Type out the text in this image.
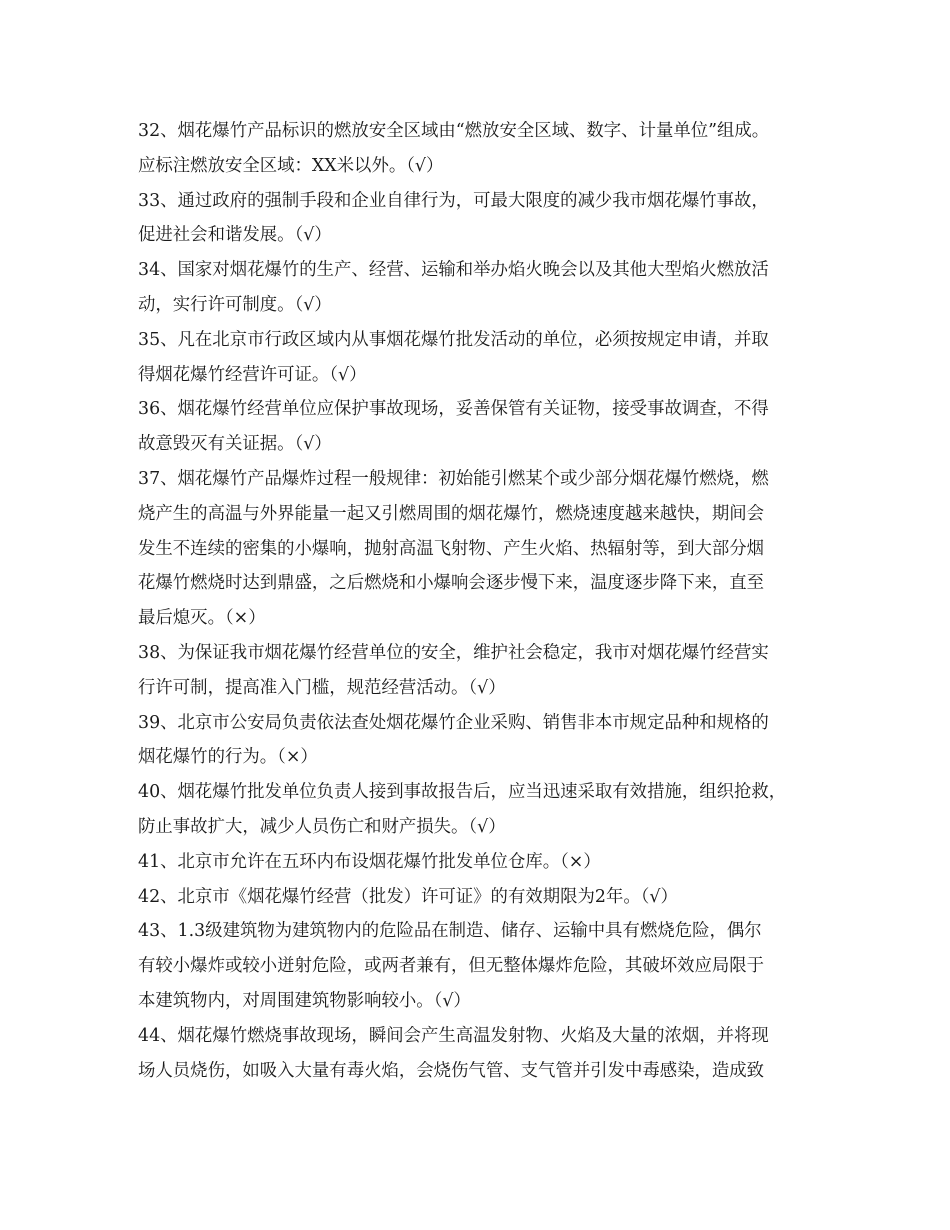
32、烟花爆竹产品标识的燃放安全区域由“燃放安全区域、数字、计量单位”组成。
应标注燃放安全区域：XX米以外。（√）
33、通过政府的强制手段和企业自律行为，可最大限度的减少我市烟花爆竹事故，
促进社会和谐发展。（√）
34、国家对烟花爆竹的生产、经营、运输和举办焰火晚会以及其他大型焰火燃放活
动，实行许可制度。（√）
35、凡在北京市行政区域内从事烟花爆竹批发活动的单位，必须按规定申请，并取
得烟花爆竹经营许可证。（√）
36、烟花爆竹经营单位应保护事故现场，妥善保管有关证物，接受事故调查，不得
故意毁灭有关证据。（√）
37、烟花爆竹产品爆炸过程一般规律：初始能引燃某个或少部分烟花爆竹燃烧，燃
烧产生的高温与外界能量一起又引燃周围的烟花爆竹，燃烧速度越来越快，期间会
发生不连续的密集的小爆响，抛射高温飞射物、产生火焰、热辐射等，到大部分烟
花爆竹燃烧时达到鼎盛，之后燃烧和小爆响会逐步慢下来，温度逐步降下来，直至
最后熄灭。（×）
38、为保证我市烟花爆竹经营单位的安全，维护社会稳定，我市对烟花爆竹经营实
行许可制，提高准入门槛，规范经营活动。（√）
39、北京市公安局负责依法查处烟花爆竹企业采购、销售非本市规定品种和规格的
烟花爆竹的行为。（×）
40、烟花爆竹批发单位负责人接到事故报告后，应当迅速采取有效措施，组织抢救，
防止事故扩大，减少人员伤亡和财产损失。（√）
41、北京市允许在五环内布设烟花爆竹批发单位仓库。（×）
42、北京市《烟花爆竹经营（批发）许可证》的有效期限为2年。（√）
43、1.3级建筑物为建筑物内的危险品在制造、储存、运输中具有燃烧危险，偶尔
有较小爆炸或较小迸射危险，或两者兼有，但无整体爆炸危险，其破坏效应局限于
本建筑物内，对周围建筑物影响较小。（√）
44、烟花爆竹燃烧事故现场，瞬间会产生高温发射物、火焰及大量的浓烟，并将现
场人员烧伤，如吸入大量有毒火焰，会烧伤气管、支气管并引发中毒感染，造成致
